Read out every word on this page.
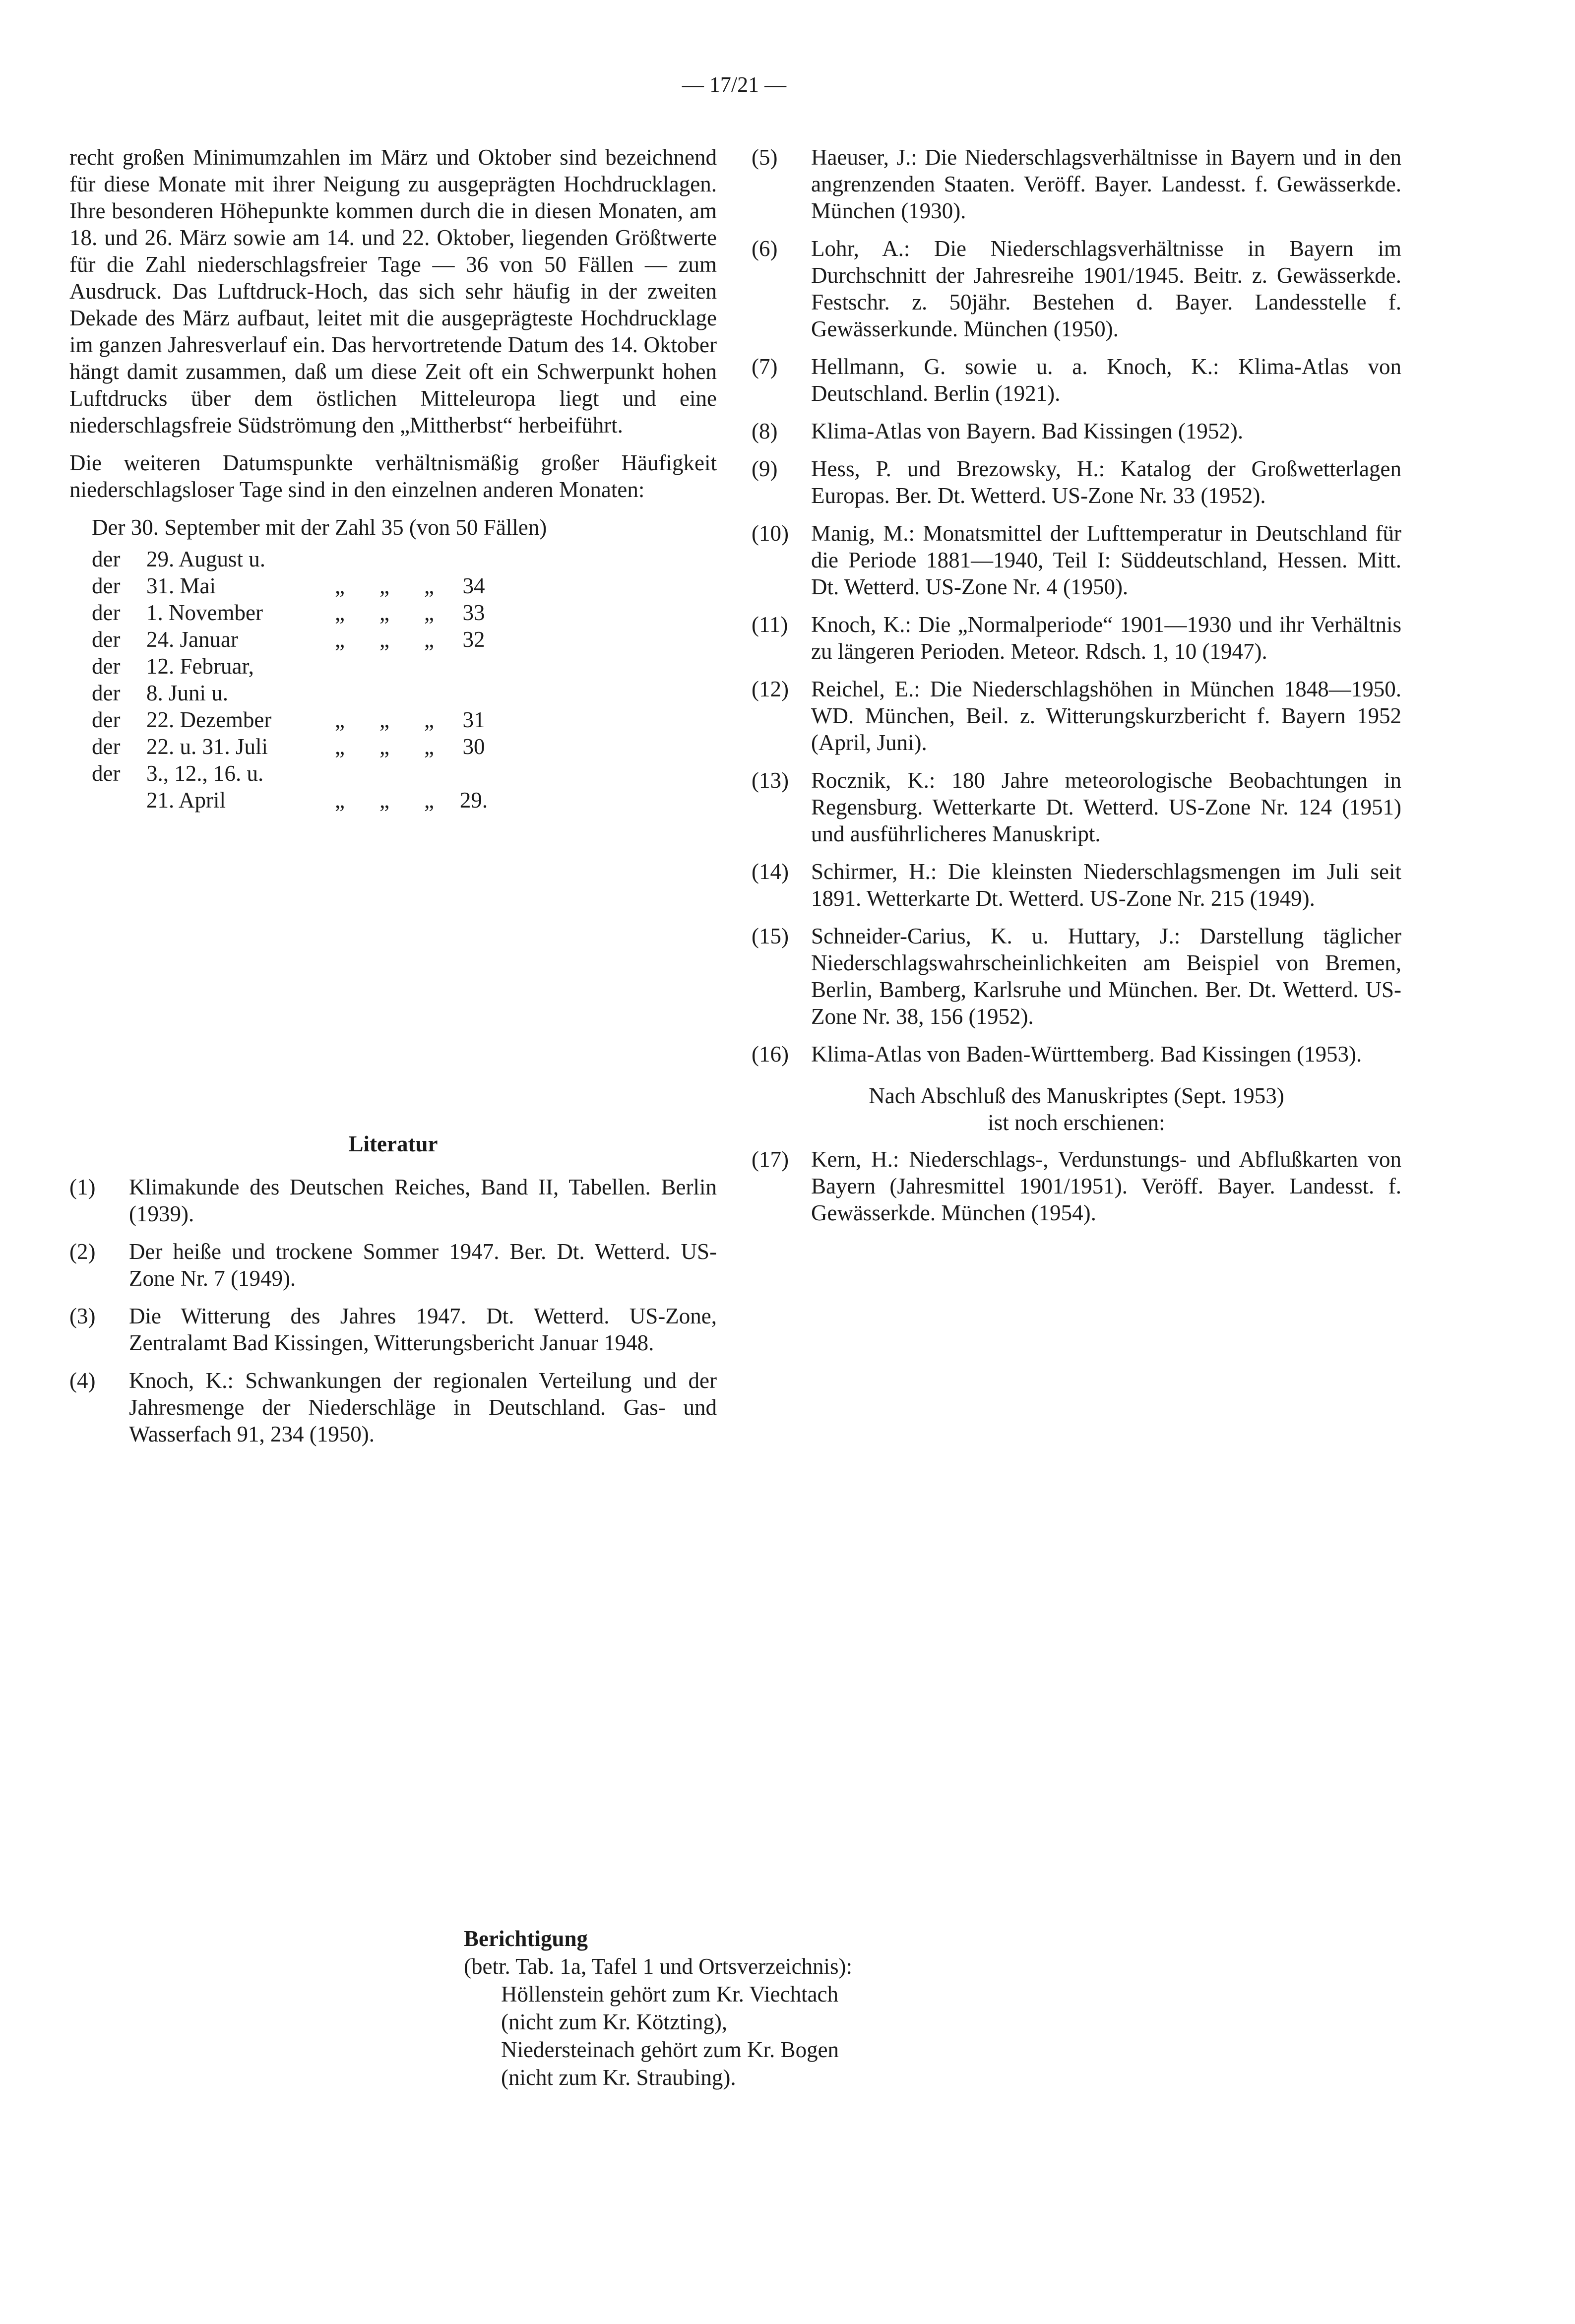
— 17/21 —

recht großen Minimumzahlen im März und Oktober sind bezeichnend für diese Monate mit ihrer Neigung zu ausgeprägten Hochdrucklagen. Ihre besonderen Höhepunkte kommen durch die in diesen Monaten, am 18. und 26. März sowie am 14. und 22. Oktober, liegenden Größtwerte für die Zahl niederschlagsfreier Tage — 36 von 50 Fällen — zum Ausdruck. Das Luftdruck-Hoch, das sich sehr häufig in der zweiten Dekade des März aufbaut, leitet mit die ausgeprägteste Hochdrucklage im ganzen Jahresverlauf ein. Das hervortretende Datum des 14. Oktober hängt damit zusammen, daß um diese Zeit oft ein Schwerpunkt hohen Luftdrucks über dem östlichen Mitteleuropa liegt und eine niederschlagsfreie Südströmung den „Mittherbst“ herbeiführt.

Die weiteren Datumspunkte verhältnismäßig großer Häufigkeit niederschlagsloser Tage sind in den einzelnen anderen Monaten:

Der 30. September mit der Zahl 35 (von 50 Fällen)
der	29. August u.				
der	31. Mai	„	„	„	34
der	1. November	„	„	„	33
der	24. Januar	„	„	„	32
der	12. Februar,				
der	8. Juni u.				
der	22. Dezember	„	„	„	31
der	22. u. 31. Juli	„	„	„	30
der	3., 12., 16. u.				
	21. April	„	„	„	29.
Literatur
(1)	Klimakunde des Deutschen Reiches, Band II, Tabellen. Berlin (1939).
(2)	Der heiße und trockene Sommer 1947. Ber. Dt. Wetterd. US-Zone Nr. 7 (1949).
(3)	Die Witterung des Jahres 1947. Dt. Wetterd. US-Zone, Zentralamt Bad Kissingen, Witterungsbericht Januar 1948.
(4)	Knoch, K.: Schwankungen der regionalen Verteilung und der Jahresmenge der Niederschläge in Deutschland. Gas- und Wasserfach 91, 234 (1950).
(5)	Haeuser, J.: Die Niederschlagsverhältnisse in Bayern und in den angrenzenden Staaten. Veröff. Bayer. Landesst. f. Gewässerkde. München (1930).
(6)	Lohr, A.: Die Niederschlagsverhältnisse in Bayern im Durchschnitt der Jahresreihe 1901/1945. Beitr. z. Gewässerkde. Festschr. z. 50jähr. Bestehen d. Bayer. Landesstelle f. Gewässerkunde. München (1950).
(7)	Hellmann, G. sowie u. a. Knoch, K.: Klima-Atlas von Deutschland. Berlin (1921).
(8)	Klima-Atlas von Bayern. Bad Kissingen (1952).
(9)	Hess, P. und Brezowsky, H.: Katalog der Großwetterlagen Europas. Ber. Dt. Wetterd. US-Zone Nr. 33 (1952).
(10)	Manig, M.: Monatsmittel der Lufttemperatur in Deutschland für die Periode 1881—1940, Teil I: Süddeutschland, Hessen. Mitt. Dt. Wetterd. US-Zone Nr. 4 (1950).
(11)	Knoch, K.: Die „Normalperiode“ 1901—1930 und ihr Verhältnis zu längeren Perioden. Meteor. Rdsch. 1, 10 (1947).
(12)	Reichel, E.: Die Niederschlagshöhen in München 1848—1950. WD. München, Beil. z. Witterungskurzbericht f. Bayern 1952 (April, Juni).
(13)	Rocznik, K.: 180 Jahre meteorologische Beobachtungen in Regensburg. Wetterkarte Dt. Wetterd. US-Zone Nr. 124 (1951) und ausführlicheres Manuskript.
(14)	Schirmer, H.: Die kleinsten Niederschlagsmengen im Juli seit 1891. Wetterkarte Dt. Wetterd. US-Zone Nr. 215 (1949).
(15)	Schneider-Carius, K. u. Huttary, J.: Darstellung täglicher Niederschlagswahrscheinlichkeiten am Beispiel von Bremen, Berlin, Bamberg, Karlsruhe und München. Ber. Dt. Wetterd. US-Zone Nr. 38, 156 (1952).
(16)	Klima-Atlas von Baden-Württemberg. Bad Kissingen (1953).
Nach Abschluß des Manuskriptes (Sept. 1953)
ist noch erschienen:
(17)	Kern, H.: Niederschlags-, Verdunstungs- und Abflußkarten von Bayern (Jahresmittel 1901/1951). Veröff. Bayer. Landesst. f. Gewässerkde. München (1954).
Berichtigung
(betr. Tab. 1a, Tafel 1 und Ortsverzeichnis):
Höllenstein gehört zum Kr. Viechtach
(nicht zum Kr. Kötzting),
Niedersteinach gehört zum Kr. Bogen
(nicht zum Kr. Straubing).
